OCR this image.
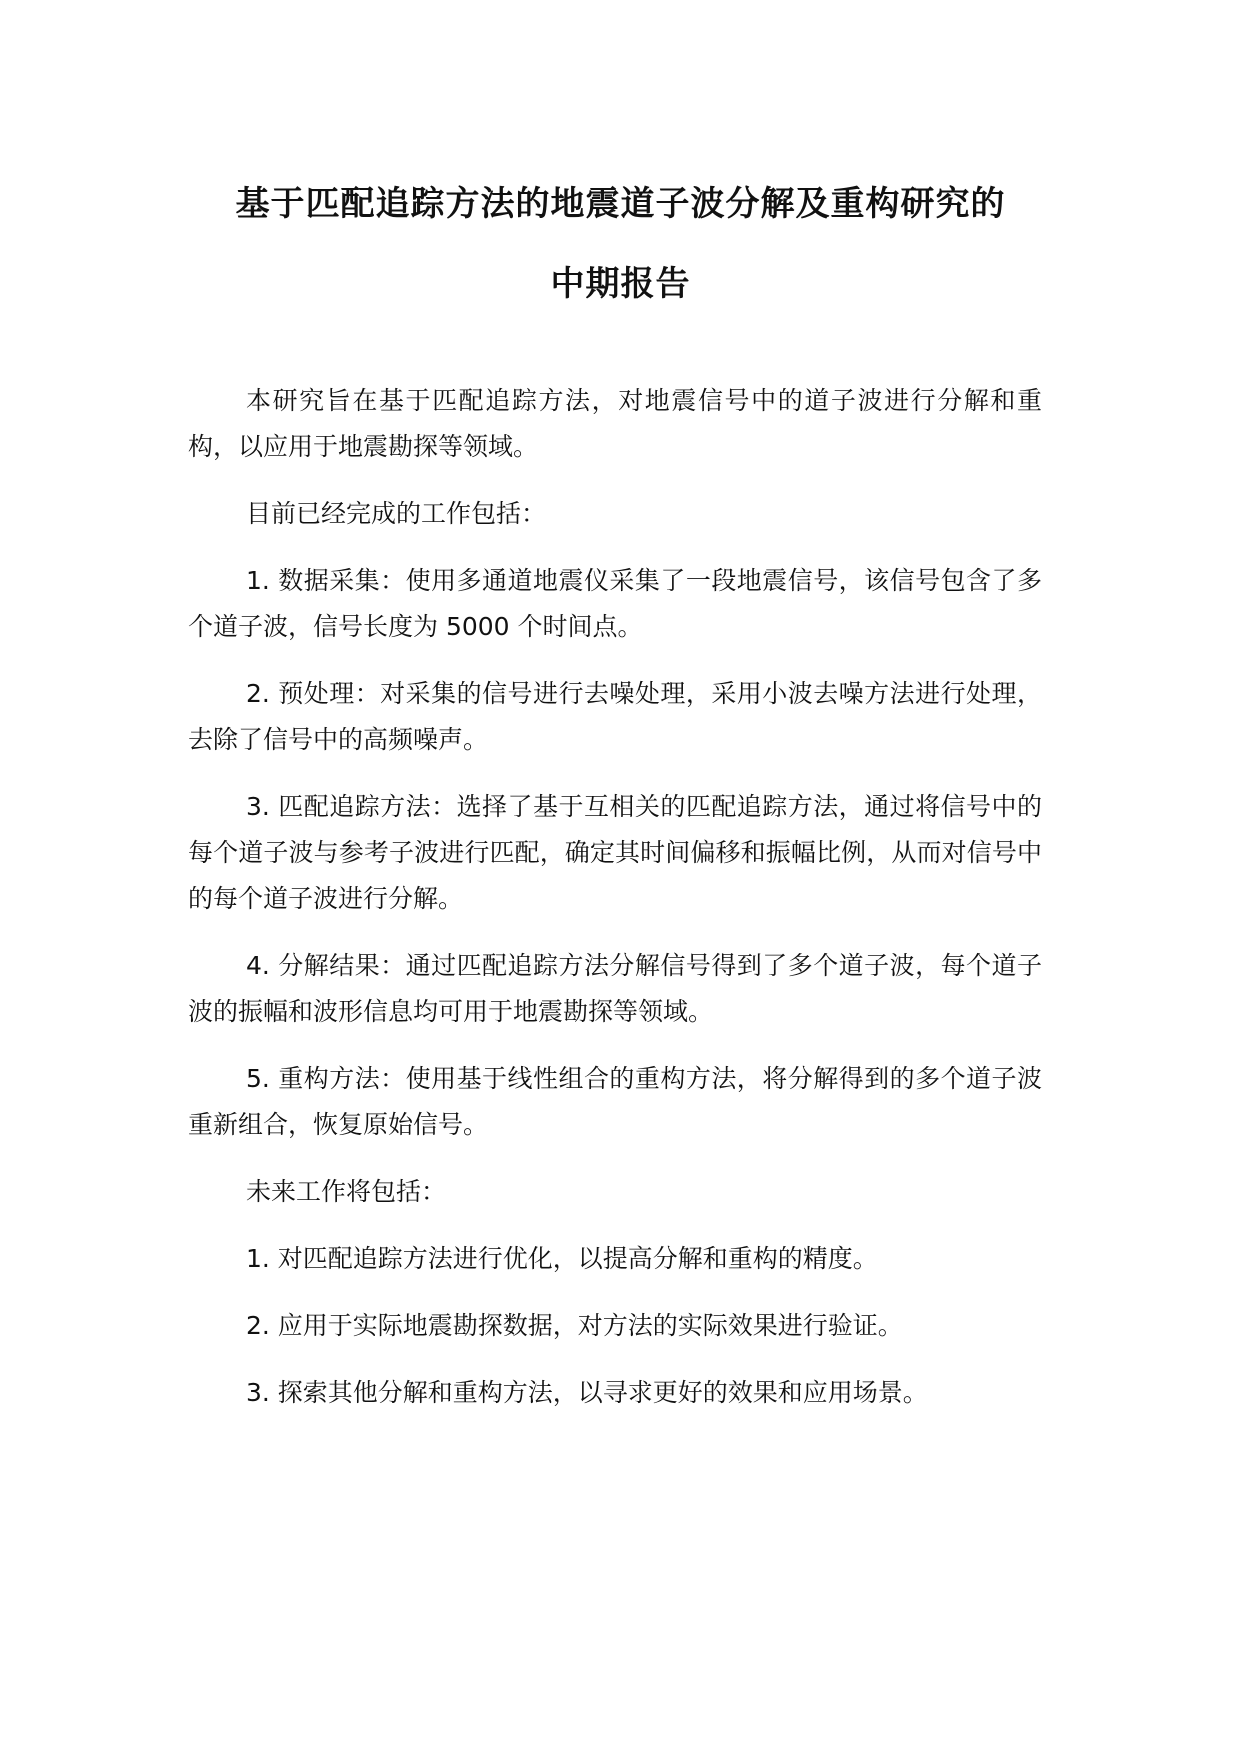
基于匹配追踪方法的地震道子波分解及重构研究的
中期报告

本研究旨在基于匹配追踪方法，对地震信号中的道子波进行分解和重构，以应用于地震勘探等领域。

目前已经完成的工作包括：

1. 数据采集：使用多通道地震仪采集了一段地震信号，该信号包含了多个道子波，信号长度为 5000 个时间点。

2. 预处理：对采集的信号进行去噪处理，采用小波去噪方法进行处理，去除了信号中的高频噪声。

3. 匹配追踪方法：选择了基于互相关的匹配追踪方法，通过将信号中的每个道子波与参考子波进行匹配，确定其时间偏移和振幅比例，从而对信号中的每个道子波进行分解。

4. 分解结果：通过匹配追踪方法分解信号得到了多个道子波，每个道子波的振幅和波形信息均可用于地震勘探等领域。

5. 重构方法：使用基于线性组合的重构方法，将分解得到的多个道子波重新组合，恢复原始信号。

未来工作将包括：

1. 对匹配追踪方法进行优化，以提高分解和重构的精度。

2. 应用于实际地震勘探数据，对方法的实际效果进行验证。

3. 探索其他分解和重构方法，以寻求更好的效果和应用场景。
